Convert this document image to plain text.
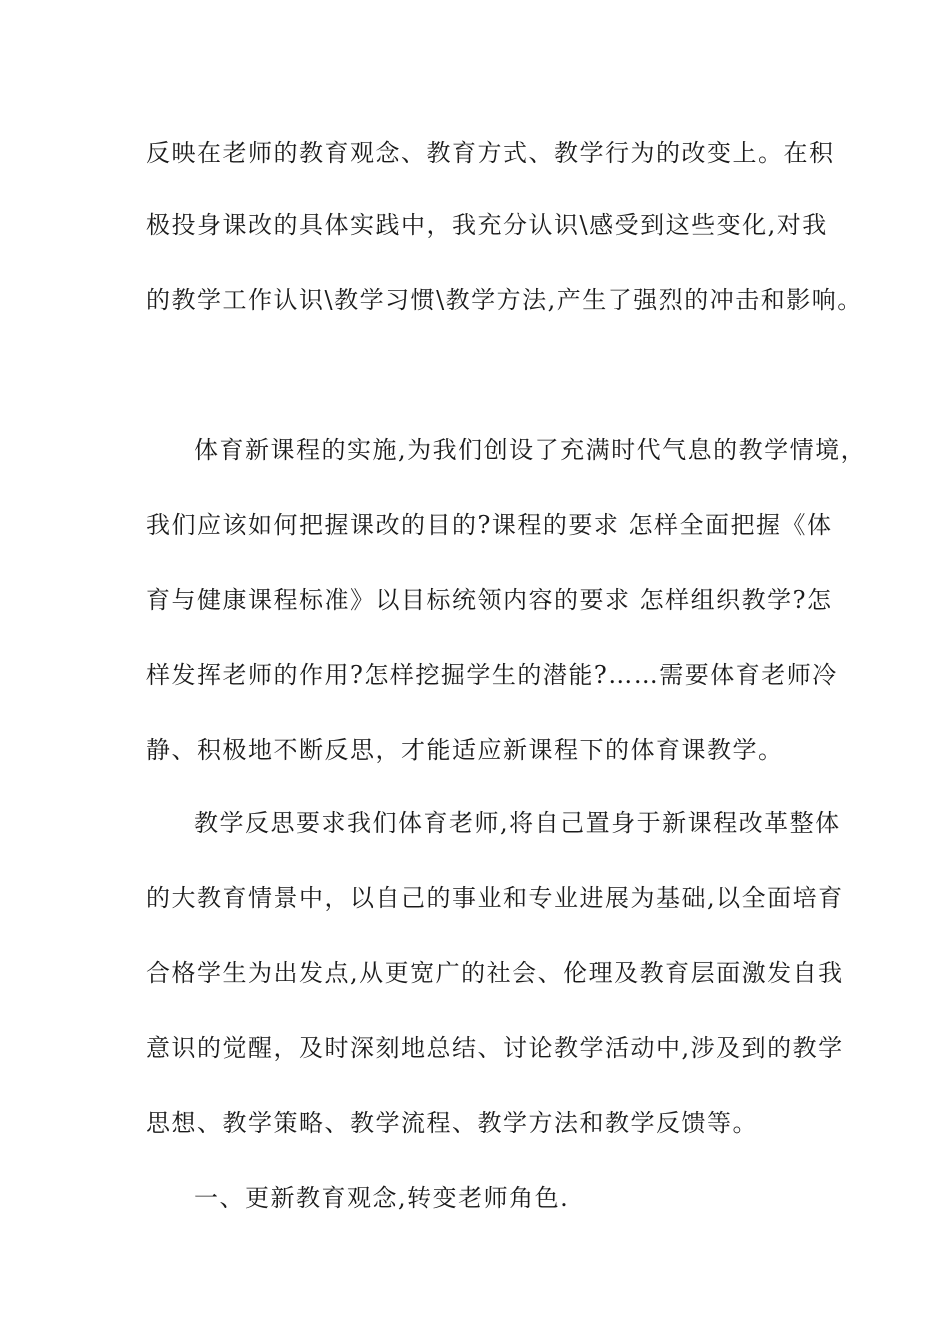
反映在老师的教育观念、教育方式、教学行为的改变上。在积
极投身课改的具体实践中，我充分认识\感受到这些变化,对我
的教学工作认识\教学习惯\教学方法,产生了强烈的冲击和影响。
体育新课程的实施,为我们创设了充满时代气息的教学情境，
我们应该如何把握课改的目的?课程的要求 怎样全面把握《体
育与健康课程标准》以目标统领内容的要求 怎样组织教学?怎
样发挥老师的作用?怎样挖掘学生的潜能?……需要体育老师冷
静、积极地不断反思，才能适应新课程下的体育课教学。
教学反思要求我们体育老师,将自己置身于新课程改革整体
的大教育情景中，以自己的事业和专业进展为基础,以全面培育
合格学生为出发点,从更宽广的社会、伦理及教育层面激发自我
意识的觉醒，及时深刻地总结、讨论教学活动中,涉及到的教学
思想、教学策略、教学流程、教学方法和教学反馈等。
一、更新教育观念,转变老师角色.
